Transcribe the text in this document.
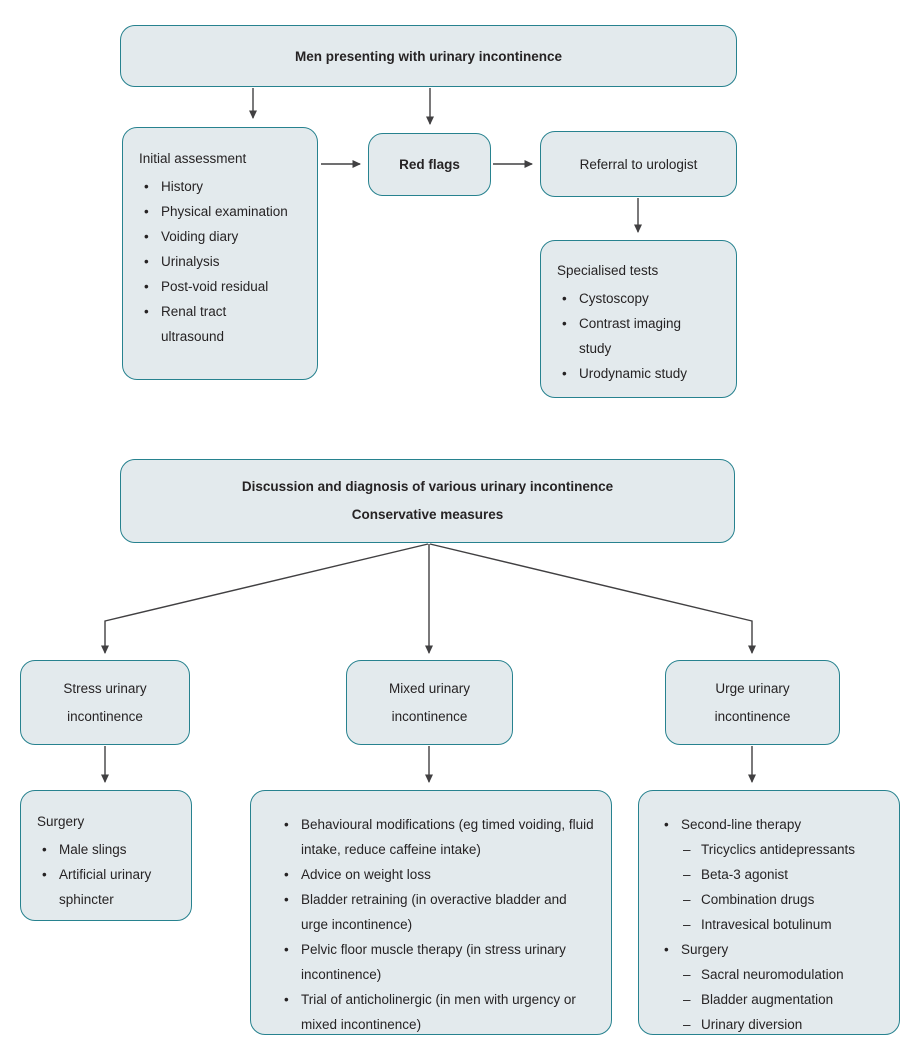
Men presenting with urinary incontinence
Initial assessment
• History
• Physical examination
• Voiding diary
• Urinalysis
• Post-void residual
• Renal tract ultrasound
Red flags	Referral to urologist
Specialised tests
• Cystoscopy
• Contrast imaging study
• Urodynamic study
Discussion and diagnosis of various urinary incontinence
Conservative measures
Stress urinary
incontinence
Mixed urinary
incontinence
Urge urinary
incontinence
Surgery
• Male slings
• Artificial urinary sphincter
• Behavioural modifications (eg timed voiding, fluid intake, reduce caffeine intake)
• Advice on weight loss
• Bladder retraining (in overactive bladder and urge incontinence)
• Pelvic floor muscle therapy (in stress urinary incontinence)
• Trial of anticholinergic (in men with urgency or mixed incontinence)
• Second-line therapy
– Tricyclics antidepressants
– Beta-3 agonist
– Combination drugs
– Intravesical botulinum
• Surgery
– Sacral neuromodulation
– Bladder augmentation
– Urinary diversion
